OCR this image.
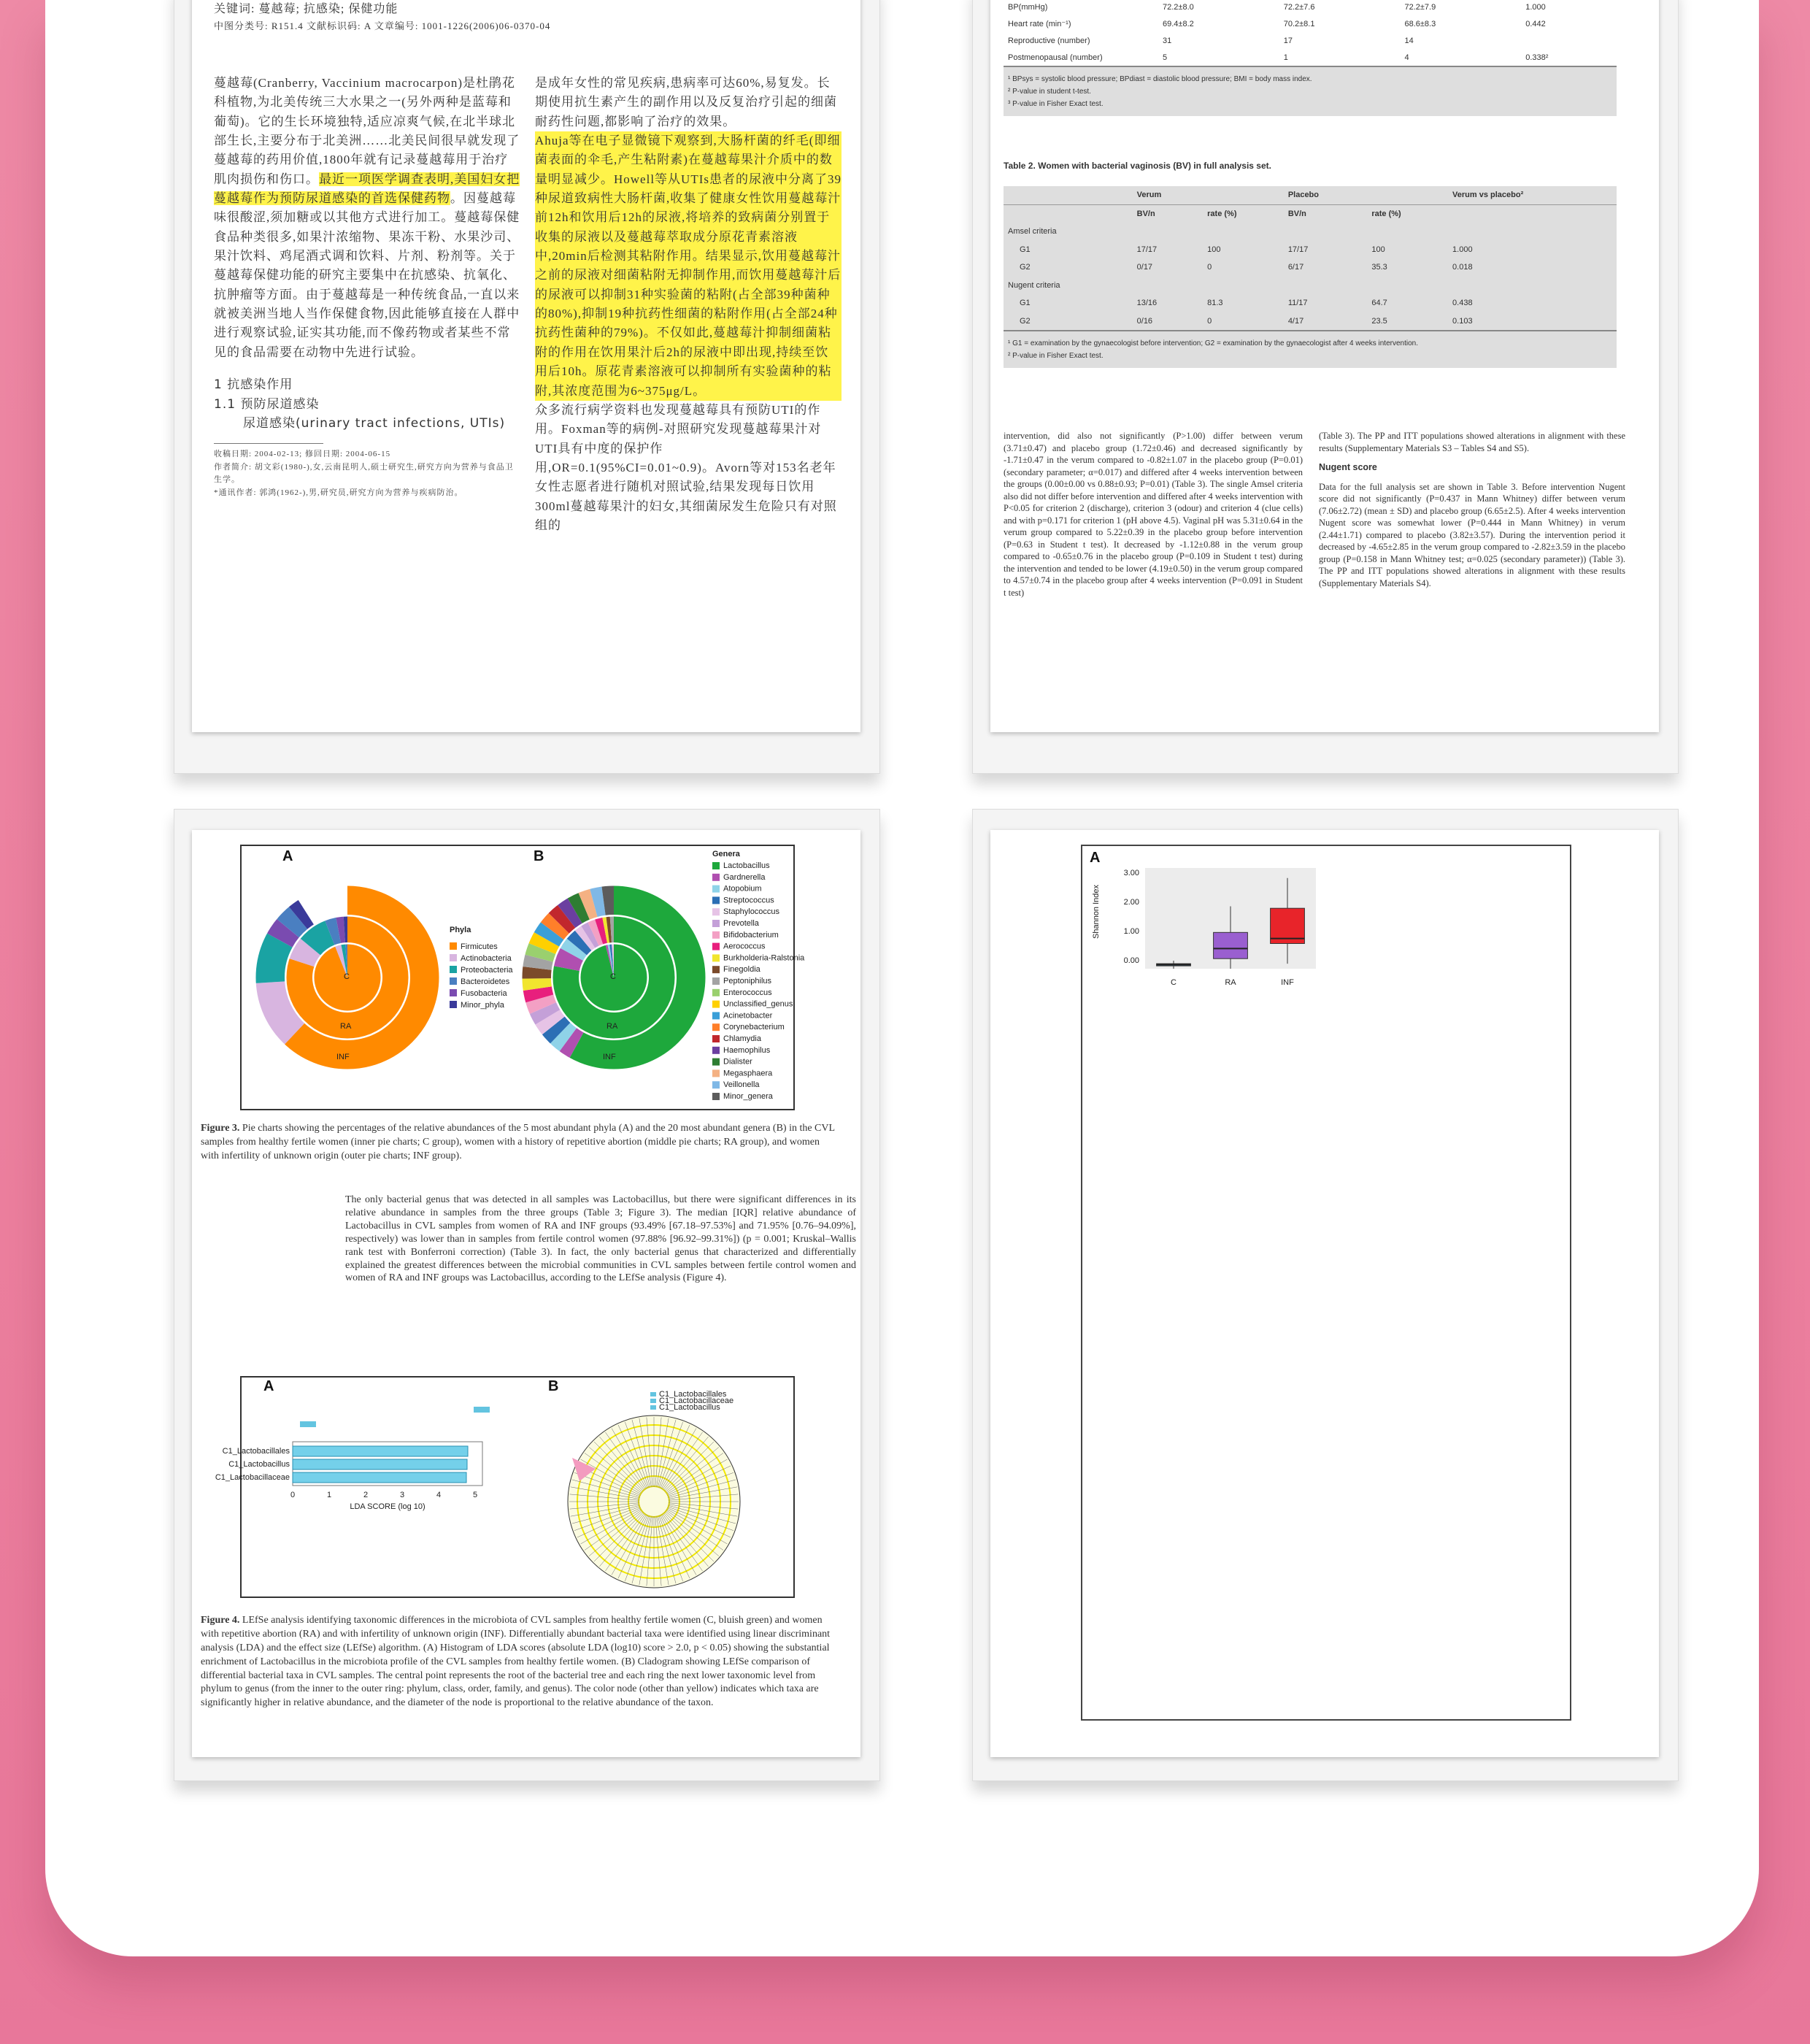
关键词: 蔓越莓; 抗感染; 保健功能
中图分类号: R151.4 文献标识码: A 文章编号: 1001-1226(2006)06-0370-04
蔓越莓(Cranberry, Vaccinium macrocarpon)是杜鹃花科植物,为北美传统三大水果之一(另外两种是蓝莓和葡萄)。它的生长环境独特,适应凉爽气候,在北半球北部生长,主要分布于北美洲……北美民间很早就发现了蔓越莓的药用价值,1800年就有记录蔓越莓用于治疗肌肉损伤和伤口。最近一项医学调查表明,美国妇女把蔓越莓作为预防尿道感染的首选保健药物。因蔓越莓味很酸涩,须加糖或以其他方式进行加工。蔓越莓保健食品种类很多,如果汁浓缩物、果冻干粉、水果沙司、果汁饮料、鸡尾酒式调和饮料、片剂、粉剂等。关于蔓越莓保健功能的研究主要集中在抗感染、抗氧化、抗肿瘤等方面。由于蔓越莓是一种传统食品,一直以来就被美洲当地人当作保健食物,因此能够直接在人群中进行观察试验,证实其功能,而不像药物或者某些不常见的食品需要在动物中先进行试验。
1 抗感染作用
1.1 预防尿道感染
尿道感染(urinary tract infections, UTIs)
收稿日期: 2004-02-13; 修回日期: 2004-06-15
作者简介: 胡文彩(1980-),女,云南昆明人,硕士研究生,研究方向为营养与食品卫生学。
*通讯作者: 郭鸿(1962-),男,研究员,研究方向为营养与疾病防治。
是成年女性的常见疾病,患病率可达60%,易复发。长期使用抗生素产生的副作用以及反复治疗引起的细菌耐药性问题,都影响了治疗的效果。
Ahuja等在电子显微镜下观察到,大肠杆菌的纤毛(即细菌表面的伞毛,产生粘附素)在蔓越莓果汁介质中的数量明显减少。Howell等从UTIs患者的尿液中分离了39种尿道致病性大肠杆菌,收集了健康女性饮用蔓越莓汁前12h和饮用后12h的尿液,将培养的致病菌分别置于收集的尿液以及蔓越莓萃取成分原花青素溶液中,20min后检测其粘附作用。结果显示,饮用蔓越莓汁之前的尿液对细菌粘附无抑制作用,而饮用蔓越莓汁后的尿液可以抑制31种实验菌的粘附(占全部39种菌种的80%),抑制19种抗药性细菌的粘附作用(占全部24种抗药性菌种的79%)。不仅如此,蔓越莓汁抑制细菌粘附的作用在饮用果汁后2h的尿液中即出现,持续至饮用后10h。原花青素溶液可以抑制所有实验菌种的粘附,其浓度范围为6~375μg/L。
众多流行病学资料也发现蔓越莓具有预防UTI的作用。Foxman等的病例-对照研究发现蔓越莓果汁对UTI具有中度的保护作用,OR=0.1(95%CI=0.01~0.9)。Avorn等对153名老年女性志愿者进行随机对照试验,结果发现每日饮用300ml蔓越莓果汁的妇女,其细菌尿发生危险只有对照组的
BP(mmHg)	72.2±8.0	72.2±7.6	72.2±7.9	1.000
Heart rate (min⁻¹)	69.4±8.2	70.2±8.1	68.6±8.3	0.442
Reproductive (number)	31	17	14	
Postmenopausal (number)	5	1	4	0.338²
¹ BPsys = systolic blood pressure; BPdiast = diastolic blood pressure; BMI = body mass index.
² P-value in student t-test.
³ P-value in Fisher Exact test.
Table 2. Women with bacterial vaginosis (BV) in full analysis set.
	Verum		Placebo		Verum vs placebo²
	BV/n	rate (%)	BV/n	rate (%)	
Amsel criteria					
G1	17/17	100	17/17	100	1.000
G2	0/17	0	6/17	35.3	0.018
Nugent criteria					
G1	13/16	81.3	11/17	64.7	0.438
G2	0/16	0	4/17	23.5	0.103
¹ G1 = examination by the gynaecologist before intervention; G2 = examination by the gynaecologist after 4 weeks intervention.
² P-value in Fisher Exact test.
intervention, did also not significantly (P>1.00) differ between verum (3.71±0.47) and placebo group (1.72±0.46) and decreased significantly by -1.71±0.47 in the verum compared to -0.82±1.07 in the placebo group (P=0.01) (secondary parameter; α=0.017) and differed after 4 weeks intervention between the groups (0.00±0.00 vs 0.88±0.93; P=0.01) (Table 3). The single Amsel criteria also did not differ before intervention and differed after 4 weeks intervention with P<0.05 for criterion 2 (discharge), criterion 3 (odour) and criterion 4 (clue cells) and with p=0.171 for criterion 1 (pH above 4.5). Vaginal pH was 5.31±0.64 in the verum group compared to 5.22±0.39 in the placebo group before intervention (P=0.63 in Student t test). It decreased by -1.12±0.88 in the verum group compared to -0.65±0.76 in the placebo group (P=0.109 in Student t test) during the intervention and tended to be lower (4.19±0.50) in the verum group compared to 4.57±0.74 in the placebo group after 4 weeks intervention (P=0.091 in Student t test)
(Table 3). The PP and ITT populations showed alterations in alignment with these results (Supplementary Materials S3 – Tables S4 and S5).
Nugent score
Data for the full analysis set are shown in Table 3. Before intervention Nugent score did not significantly (P=0.437 in Mann Whitney) differ between verum (7.06±2.72) (mean ± SD) and placebo group (6.65±2.5). After 4 weeks intervention Nugent score was somewhat lower (P=0.444 in Mann Whitney) in verum (2.44±1.71) compared to placebo (3.82±3.57). During the intervention period it decreased by -4.65±2.85 in the verum group compared to -2.82±3.59 in the placebo group (P=0.158 in Mann Whitney test; α=0.025 (secondary parameter)) (Table 3). The PP and ITT populations showed alterations in alignment with these results (Supplementary Materials S4).
A	B
C
RA
INF
C
RA
INF
Phyla
Firmicutes
Actinobacteria
Proteobacteria
Bacteroidetes
Fusobacteria
Minor_phyla
Genera
Lactobacillus
Gardnerella
Atopobium
Streptococcus
Staphylococcus
Prevotella
Bifidobacterium
Aerococcus
Burkholderia-Ralstonia
Finegoldia
Peptoniphilus
Enterococcus
Unclassified_genus
Acinetobacter
Corynebacterium
Chlamydia
Haemophilus
Dialister
Megasphaera
Veillonella
Minor_genera
Figure 3. Pie charts showing the percentages of the relative abundances of the 5 most abundant phyla (A) and the 20 most abundant genera (B) in the CVL samples from healthy fertile women (inner pie charts; C group), women with a history of repetitive abortion (middle pie charts; RA group), and women with infertility of unknown origin (outer pie charts; INF group).
The only bacterial genus that was detected in all samples was Lactobacillus, but there were significant differences in its relative abundance in samples from the three groups (Table 3; Figure 3). The median [IQR] relative abundance of Lactobacillus in CVL samples from women of RA and INF groups (93.49% [67.18–97.53%] and 71.95% [0.76–94.09%], respectively) was lower than in samples from fertile control women (97.88% [96.92–99.31%]) (p = 0.001; Kruskal–Wallis rank test with Bonferroni correction) (Table 3). In fact, the only bacterial genus that characterized and differentially explained the greatest differences between the microbial communities in CVL samples between fertile control women and women of RA and INF groups was Lactobacillus, according to the LEfSe analysis (Figure 4).
A	B
C1_Lactobacillales
C1_Lactobacillus
C1_Lactobacillaceae
0	1	2	3	4	5
LDA SCORE (log 10)
C1_Lactobacillales
C1_Lactobacillaceae
C1_Lactobacillus
Figure 4. LEfSe analysis identifying taxonomic differences in the microbiota of CVL samples from healthy fertile women (C, bluish green) and women with repetitive abortion (RA) and with infertility of unknown origin (INF). Differentially abundant bacterial taxa were identified using linear discriminant analysis (LDA) and the effect size (LEfSe) algorithm. (A) Histogram of LDA scores (absolute LDA (log10) score > 2.0, p < 0.05) showing the substantial enrichment of Lactobacillus in the microbiota profile of the CVL samples from healthy fertile women. (B) Cladogram showing LEfSe comparison of differential bacterial taxa in CVL samples. The central point represents the root of the bacterial tree and each ring the next lower taxonomic level from phylum to genus (from the inner to the outer ring: phylum, class, order, family, and genus). The color node (other than yellow) indicates which taxa are significantly higher in relative abundance, and the diameter of the node is proportional to the relative abundance of the taxon.
A
Shannon Index
3.00
2.00
1.00
0.00
C	RA	INF
